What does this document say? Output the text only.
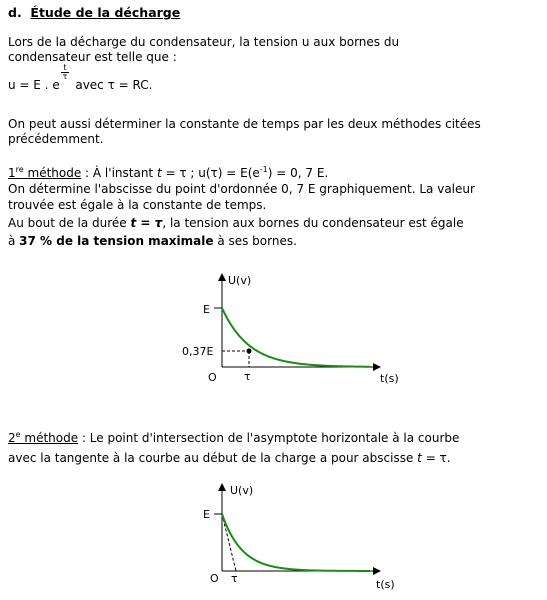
d. Étude de la décharge
Lors de la décharge du condensateur, la tension u aux bornes du
condensateur est telle que :
u = E . e
$\frac{t}{\tau}$
avec τ = RC.
On peut aussi déterminer la constante de temps par les deux méthodes citées
précédemment.
1re méthode : À l'instant t = τ ; $u(\tau) = E(e^{-1}) = 0$, 7 E.
On détermine l'abscisse du point d'ordonnée 0, 7 E graphiquement. La valeur
trouvée est égale à la constante de temps.
Au bout de la durée t = τ, la tension aux bornes du condensateur est égale
à 37 % de la tension maximale à ses bornes.
U(v)
t(s)
O
E
0,37E
τ
2e méthode : Le point d'intersection de l'asymptote horizontale à la courbe
avec la tangente à la courbe au début de la charge a pour abscisse t = τ.
U(v)
t(s)
O
E
τ
